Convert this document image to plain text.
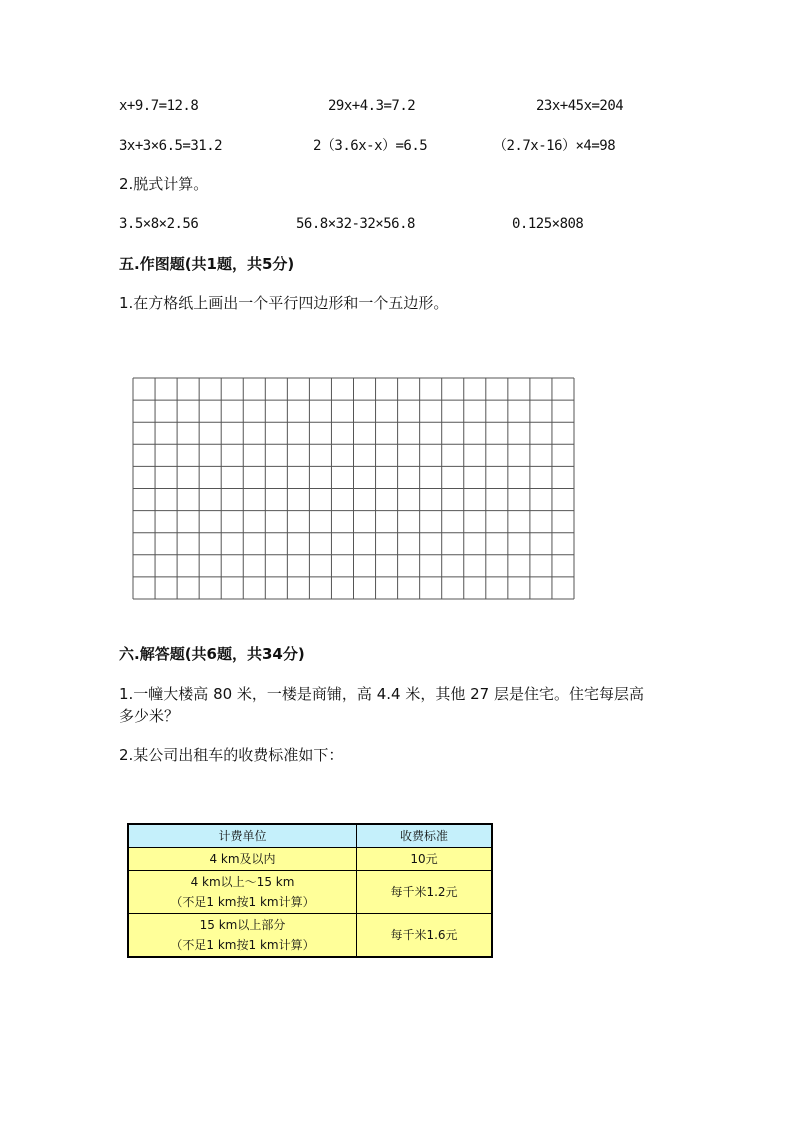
x+9.7=12.8	29x+4.3=7.2	23x+45x=204
3x+3×6.5=31.2	2（3.6x-x）=6.5	（2.7x-16）×4=98
2.脱式计算。
3.5×8×2.56	56.8×32-32×56.8	0.125×808
五.作图题(共1题，共5分)
1.在方格纸上画出一个平行四边形和一个五边形。
六.解答题(共6题，共34分)
1.一幢大楼高 80 米，一楼是商铺，高 4.4 米，其他 27 层是住宅。住宅每层高
多少米？
2.某公司出租车的收费标准如下：
计费单位	收费标准

4 km及以内	10元

4 km以上～15 km
（不足1 km按1 km计算）	每千米1.2元

15 km以上部分
（不足1 km按1 km计算）	每千米1.6元
